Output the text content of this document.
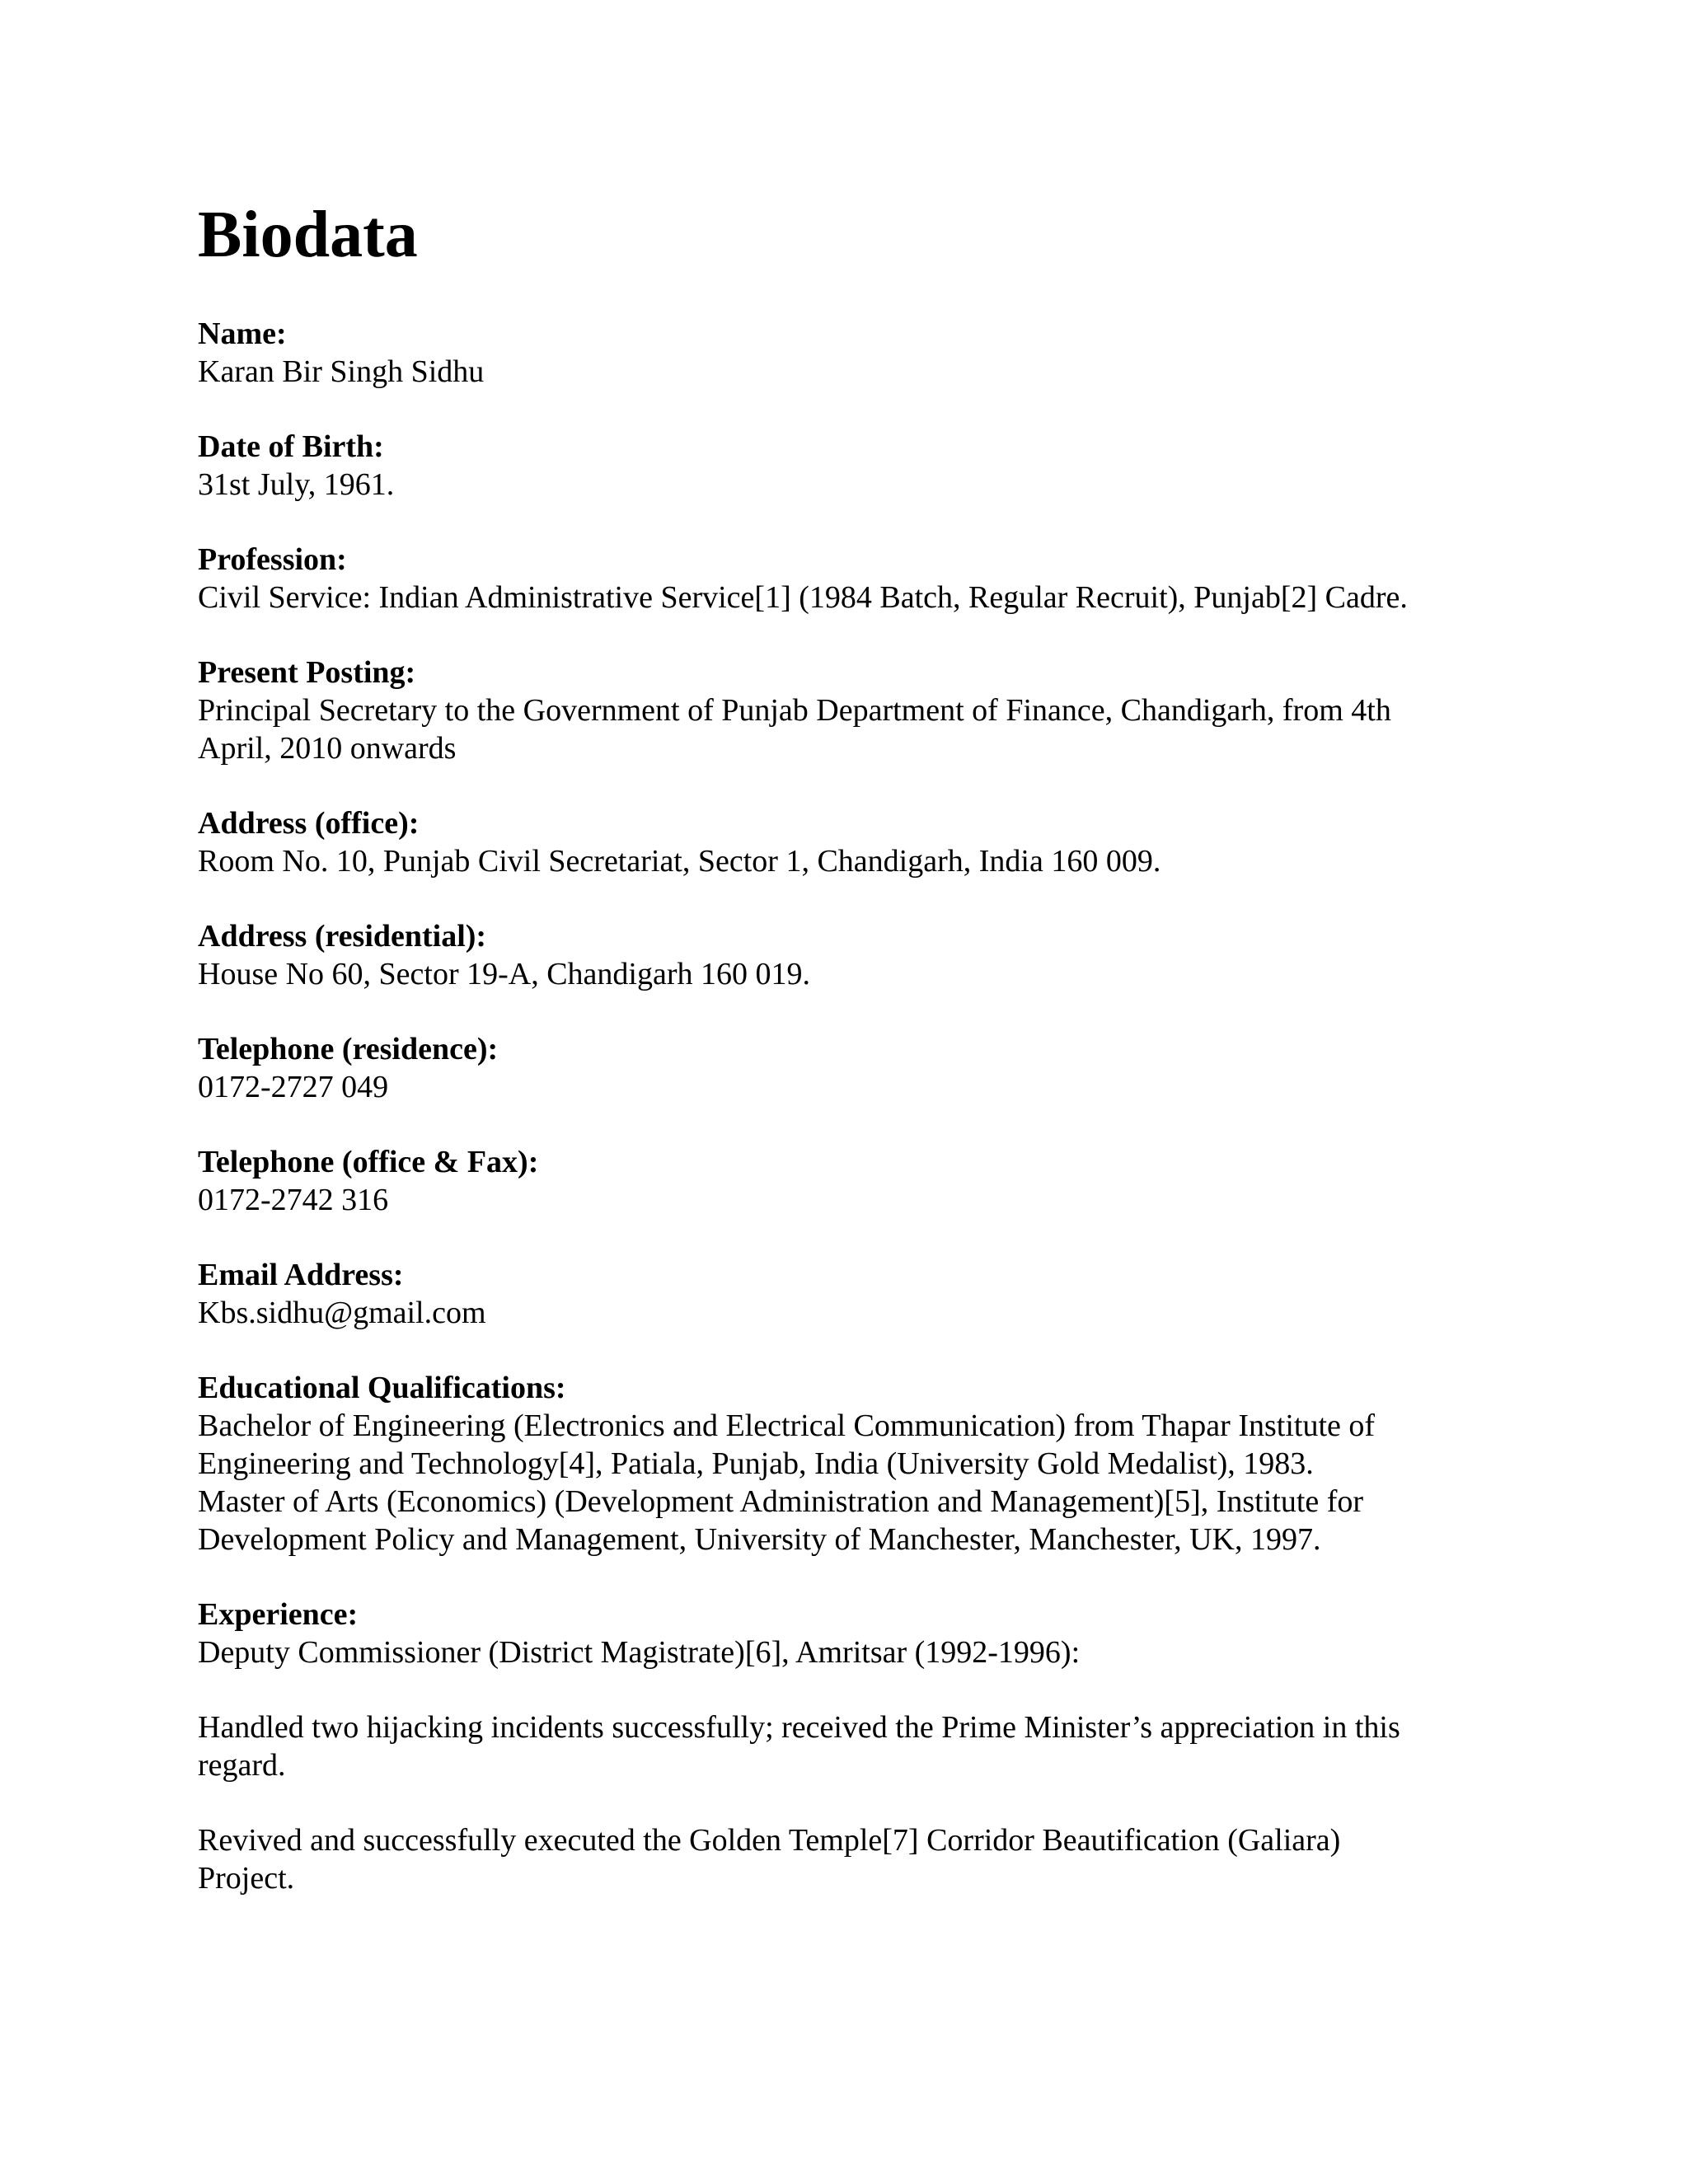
Biodata

Name:

Karan Bir Singh Sidhu

Date of Birth:

31st July, 1961.

Profession:

Civil Service: Indian Administrative Service[1] (1984 Batch, Regular Recruit), Punjab[2] Cadre.

Present Posting:

Principal Secretary to the Government of Punjab Department of Finance, Chandigarh, from 4th

April, 2010 onwards

Address (office):

Room No. 10, Punjab Civil Secretariat, Sector 1, Chandigarh, India 160 009.

Address (residential):

House No 60, Sector 19-A, Chandigarh 160 019.

Telephone (residence):

0172-2727 049

Telephone (office & Fax):

0172-2742 316

Email Address:

Kbs.sidhu@gmail.com

Educational Qualifications:

Bachelor of Engineering (Electronics and Electrical Communication) from Thapar Institute of

Engineering and Technology[4], Patiala, Punjab, India (University Gold Medalist), 1983.

Master of Arts (Economics) (Development Administration and Management)[5], Institute for

Development Policy and Management, University of Manchester, Manchester, UK, 1997.

Experience:

Deputy Commissioner (District Magistrate)[6], Amritsar (1992-1996):

Handled two hijacking incidents successfully; received the Prime Minister’s appreciation in this

regard.

Revived and successfully executed the Golden Temple[7] Corridor Beautification (Galiara)

Project.
